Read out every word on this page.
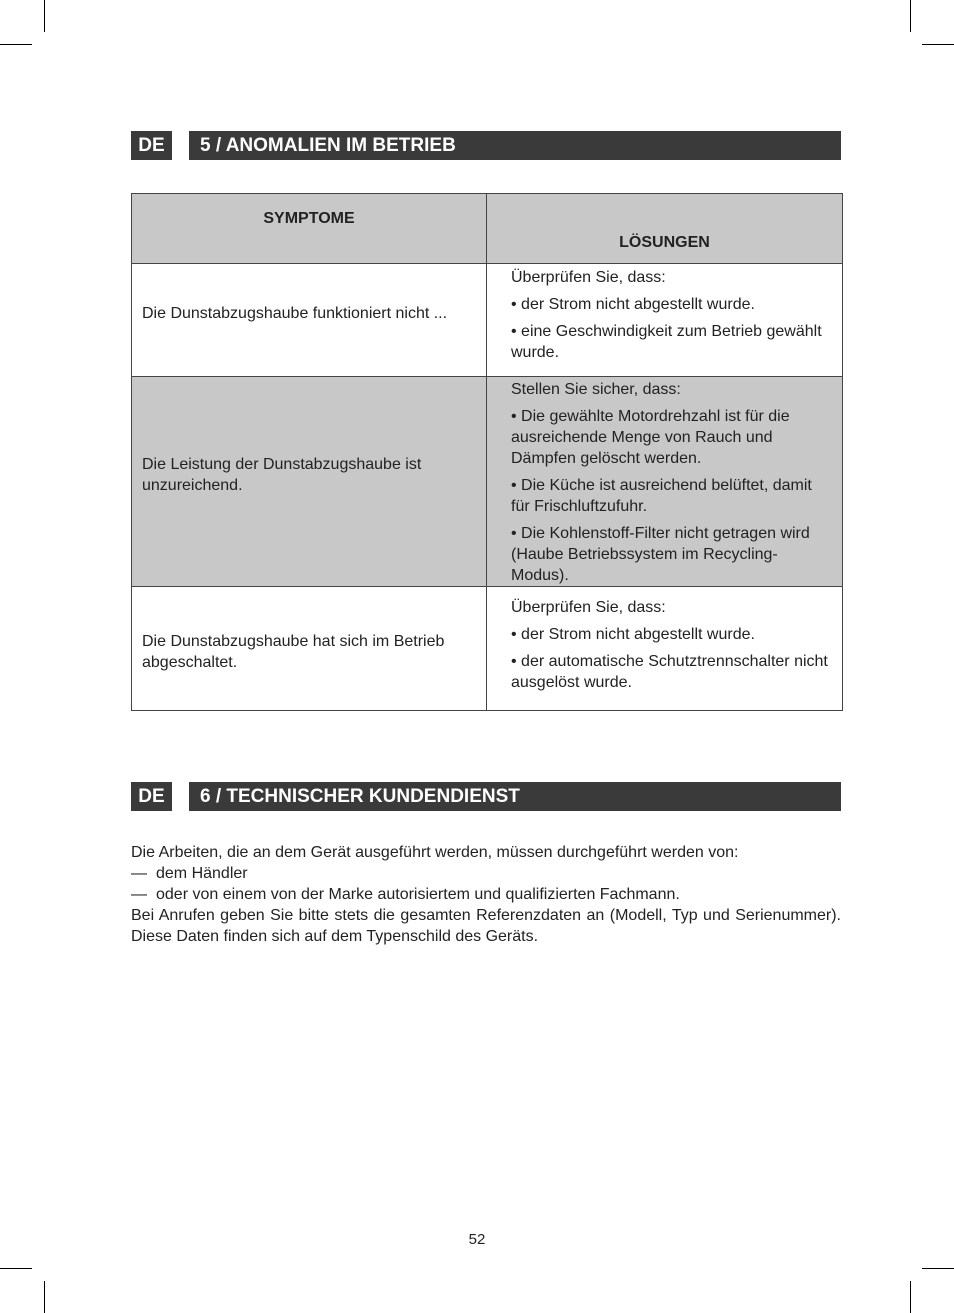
DE	5 / ANOMALIEN IM BETRIEB
SYMPTOME	LÖSUNGEN

Die Dunstabzugshaube funktioniert nicht ...	Überprüfen Sie, dass:

• der Strom nicht abgestellt wurde.

• eine Geschwindigkeit zum Betrieb gewählt wurde.

Die Leistung der Dunstabzugshaube ist unzureichend.	Stellen Sie sicher, dass:

• Die gewählte Motordrehzahl ist für die ausreichende Menge von Rauch und Dämpfen gelöscht werden.

• Die Küche ist ausreichend belüftet, damit für Frischluftzufuhr.

• Die Kohlenstoff-Filter nicht getragen wird (Haube Betriebssystem im Recycling-Modus).

Die Dunstabzugshaube hat sich im Betrieb abgeschaltet.	Überprüfen Sie, dass:

• der Strom nicht abgestellt wurde.

• der automatische Schutztrennschalter nicht ausgelöst wurde.

DE	6 / TECHNISCHER KUNDENDIENST

Die Arbeiten, die an dem Gerät ausgeführt werden, müssen durchgeführt werden von:

— dem Händler
— oder von einem von der Marke autorisiertem und qualifizierten Fachmann.

Bei Anrufen geben Sie bitte stets die gesamten Referenzdaten an (Modell, Typ und Serienummer). Diese Daten finden sich auf dem Typenschild des Geräts.

52
